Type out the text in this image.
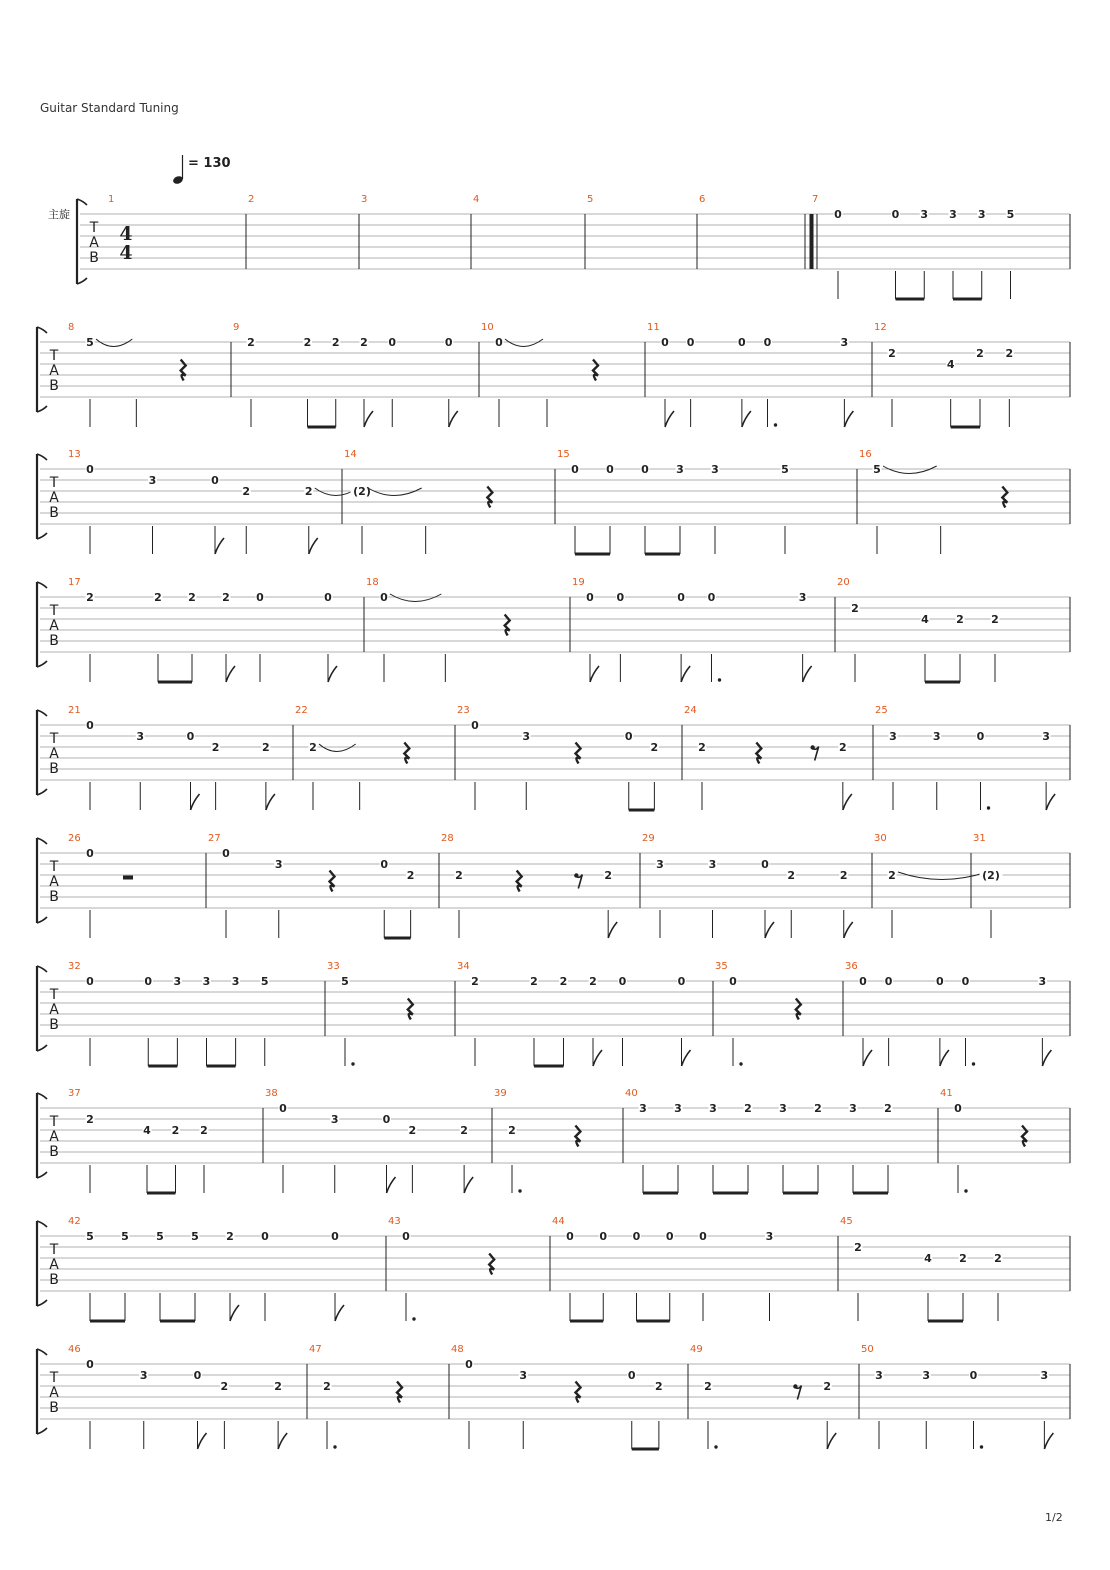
Guitar Standard Tuning
= 130
主旋
1/2
T
A
B
4
4
1	2	3	4	5	6	7
0	0 3 3 3 5
T
A
B
8
5
9
2	2 2 2 0	0
10
0
11
0 0	0 0	3
12
2
4
2 2
T
A
B
13
0
3	0
2	2
14
(2)
15
0 0 0 3 3	5
16
5
T
A
B
17
2	2 2 2 0	0
18
0
19
0 0	0 0	3
20
2
4 2 2
T
A
B
21
0
3	0
2	2
22
2
23
0
3	0
2
24
2	2
25
3	3	0	3
T
A
B
26
0
27
0
3	0
2
28
2	2
29
3	3	0
2	2
30
2
31
(2)
T
A
B
32
0	0 3 3 3 5
33
5
34
2	2 2 2 0	0
35
0
36
0 0	0 0	3
T
A
B
37
2
4 2 2
38
0
3	0
2	2
39
2
40
3 3 3 2 3 2 3 2
41
0
T
A
B
42
5 5 5 5 2 0	0
43
0
44
0 0 0 0 0	3
45
2
4 2 2
T
A
B
46
0
3	0
2	2
47
2
48
0
3	0
2
49
2	2
50
3	3	0	3
